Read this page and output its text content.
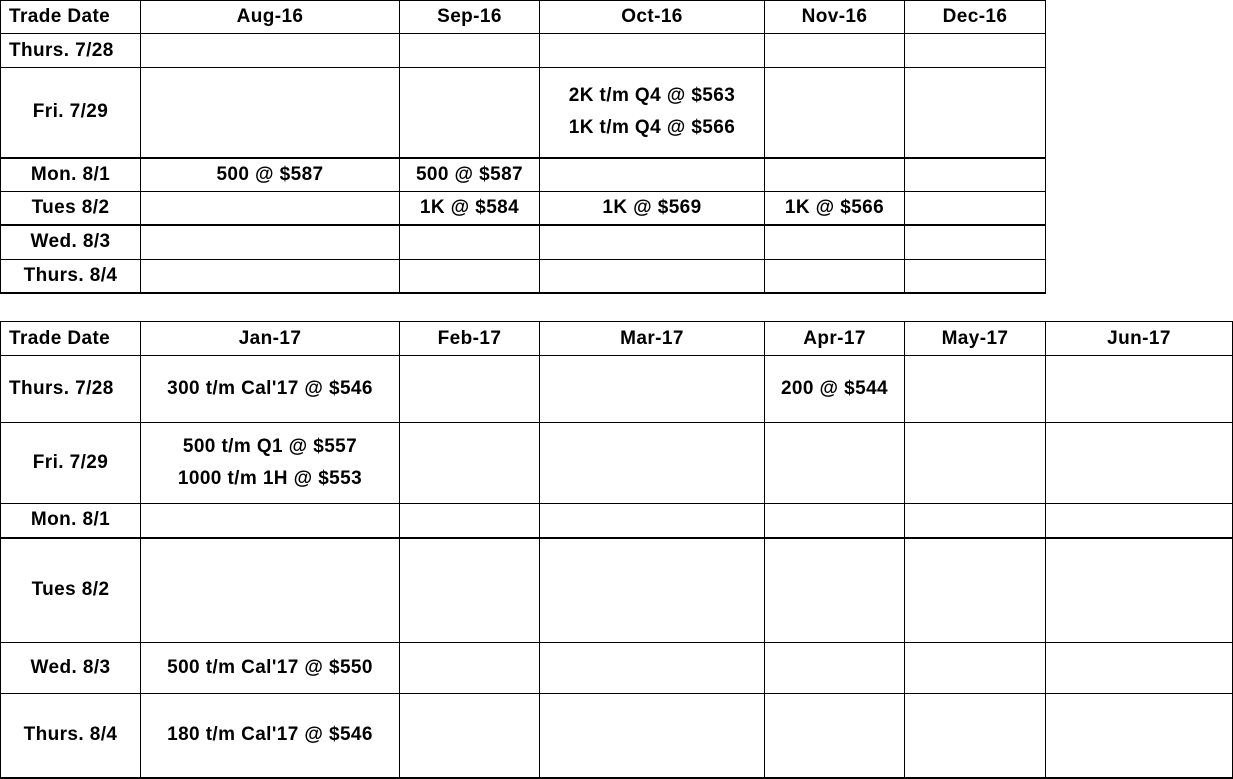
Trade Date	Aug-16	Sep-16	Oct-16	Nov-16	Dec-16
Thurs. 7/28					
Fri. 7/29			2K t/m Q4 @ $563
1K t/m Q4 @ $566		

Mon. 8/1	500 @ $587	500 @ $587			

Tues 8/2		1K @ $584	1K @ $569	1K @ $566	

Wed. 8/3					
Thurs. 8/4					
Trade Date	Jan-17	Feb-17	Mar-17	Apr-17	May-17	Jun-17
Thurs. 7/28	300 t/m Cal'17 @ $546			200 @ $544		

Fri. 7/29	500 t/m Q1 @ $557
1000 t/m 1H @ $553					

Mon. 8/1						
Tues 8/2						
Wed. 8/3	500 t/m Cal'17 @ $550					

Thurs. 8/4	180 t/m Cal'17 @ $546					
